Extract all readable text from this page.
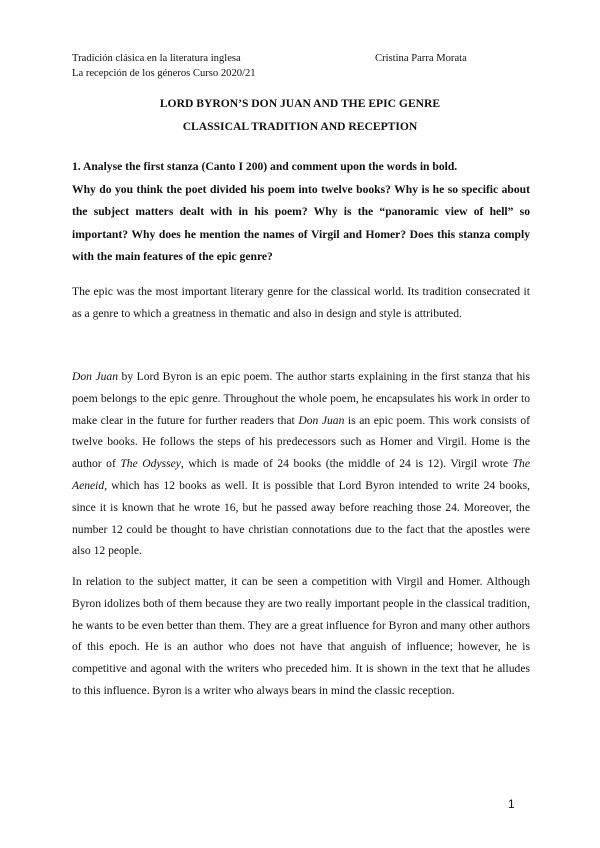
Tradición clásica en la literatura inglesa
La recepción de los géneros Curso 2020/21
Cristina Parra Morata
LORD BYRON’S DON JUAN AND THE EPIC GENRE
CLASSICAL TRADITION AND RECEPTION
1. Analyse the first stanza (Canto I 200) and comment upon the words in bold.
Why do you think the poet divided his poem into twelve books? Why is he so specific about the subject matters dealt with in his poem? Why is the “panoramic view of hell” so important? Why does he mention the names of Virgil and Homer? Does this stanza comply with the main features of the epic genre?
The epic was the most important literary genre for the classical world. Its tradition consecrated it as a genre to which a greatness in thematic and also in design and style is attributed.
Don Juan by Lord Byron is an epic poem. The author starts explaining in the first stanza that his poem belongs to the epic genre. Throughout the whole poem, he encapsulates his work in order to make clear in the future for further readers that Don Juan is an epic poem. This work consists of twelve books. He follows the steps of his predecessors such as Homer and Virgil. Home is the author of The Odyssey, which is made of 24 books (the middle of 24 is 12). Virgil wrote The Aeneid, which has 12 books as well. It is possible that Lord Byron intended to write 24 books, since it is known that he wrote 16, but he passed away before reaching those 24. Moreover, the number 12 could be thought to have christian connotations due to the fact that the apostles were also 12 people.
In relation to the subject matter, it can be seen a competition with Virgil and Homer. Although Byron idolizes both of them because they are two really important people in the classical tradition, he wants to be even better than them. They are a great influence for Byron and many other authors of this epoch. He is an author who does not have that anguish of influence; however, he is competitive and agonal with the writers who preceded him. It is shown in the text that he alludes to this influence. Byron is a writer who always bears in mind the classic reception.
1
